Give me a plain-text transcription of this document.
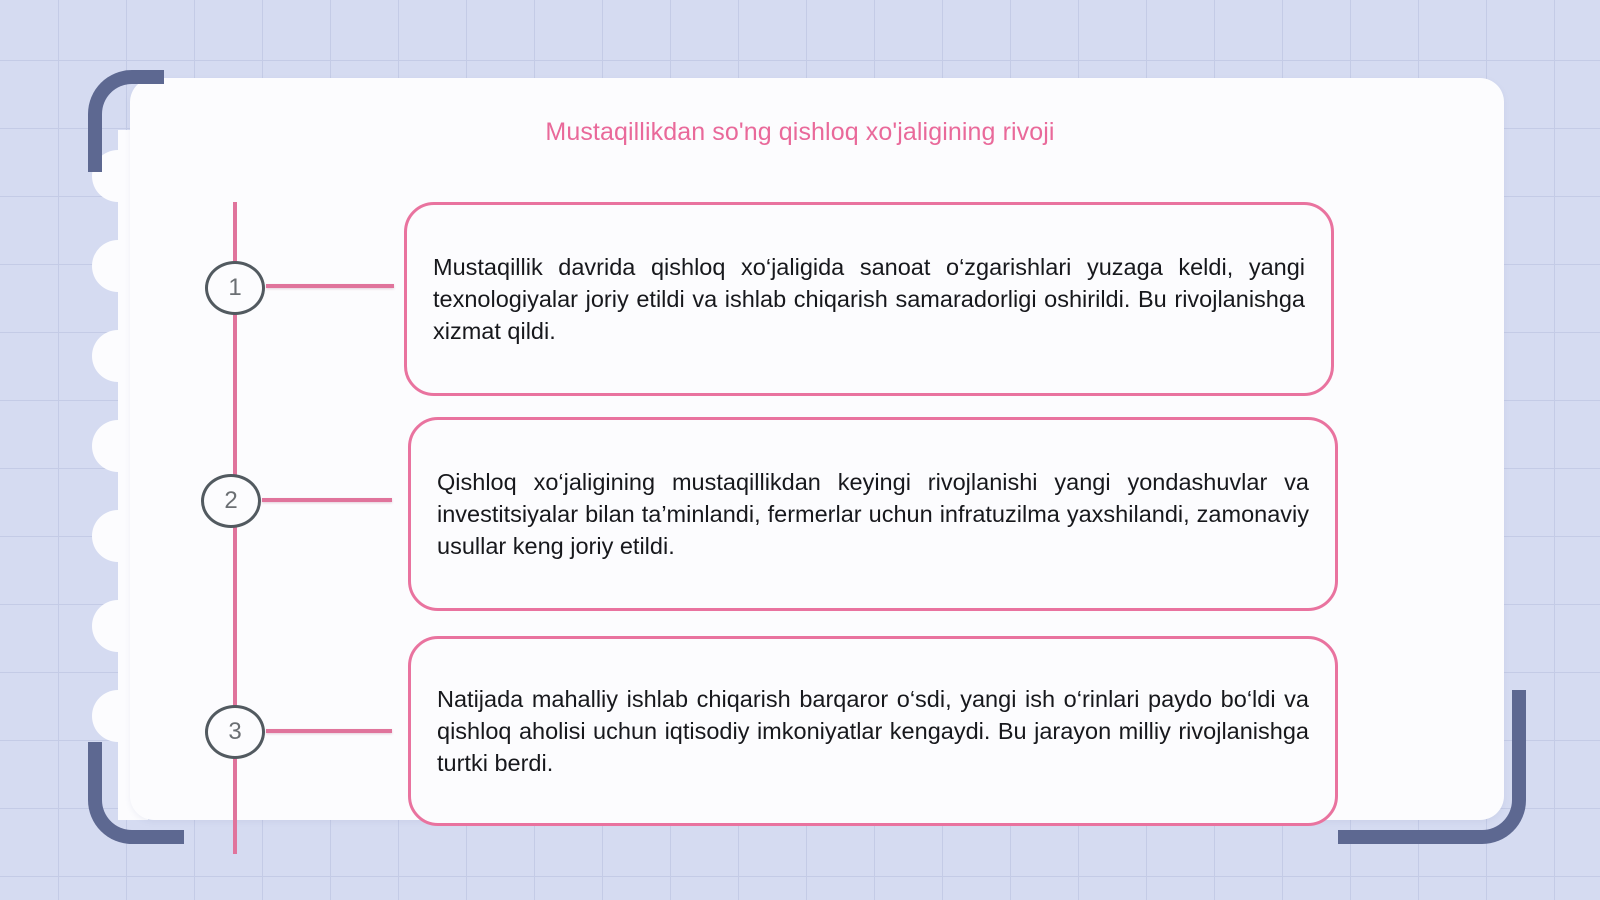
Mustaqillikdan so'ng qishloq xo'jaligining rivoji
1

Mustaqillik davrida qishloq xo‘jaligida sanoat o‘zgarishlari yuzaga keldi, yangi texnologiyalar joriy etildi va ishlab chiqarish samaradorligi oshirildi. Bu rivojlanishga xizmat qildi.

2

Qishloq xo‘jaligining mustaqillikdan keyingi rivojlanishi yangi yondashuvlar va investitsiyalar bilan ta’minlandi, fermerlar uchun infratuzilma yaxshilandi, zamonaviy usullar keng joriy etildi.

3

Natijada mahalliy ishlab chiqarish barqaror o‘sdi, yangi ish o‘rinlari paydo bo‘ldi va qishloq aholisi uchun iqtisodiy imkoniyatlar kengaydi. Bu jarayon milliy rivojlanishga turtki berdi.
